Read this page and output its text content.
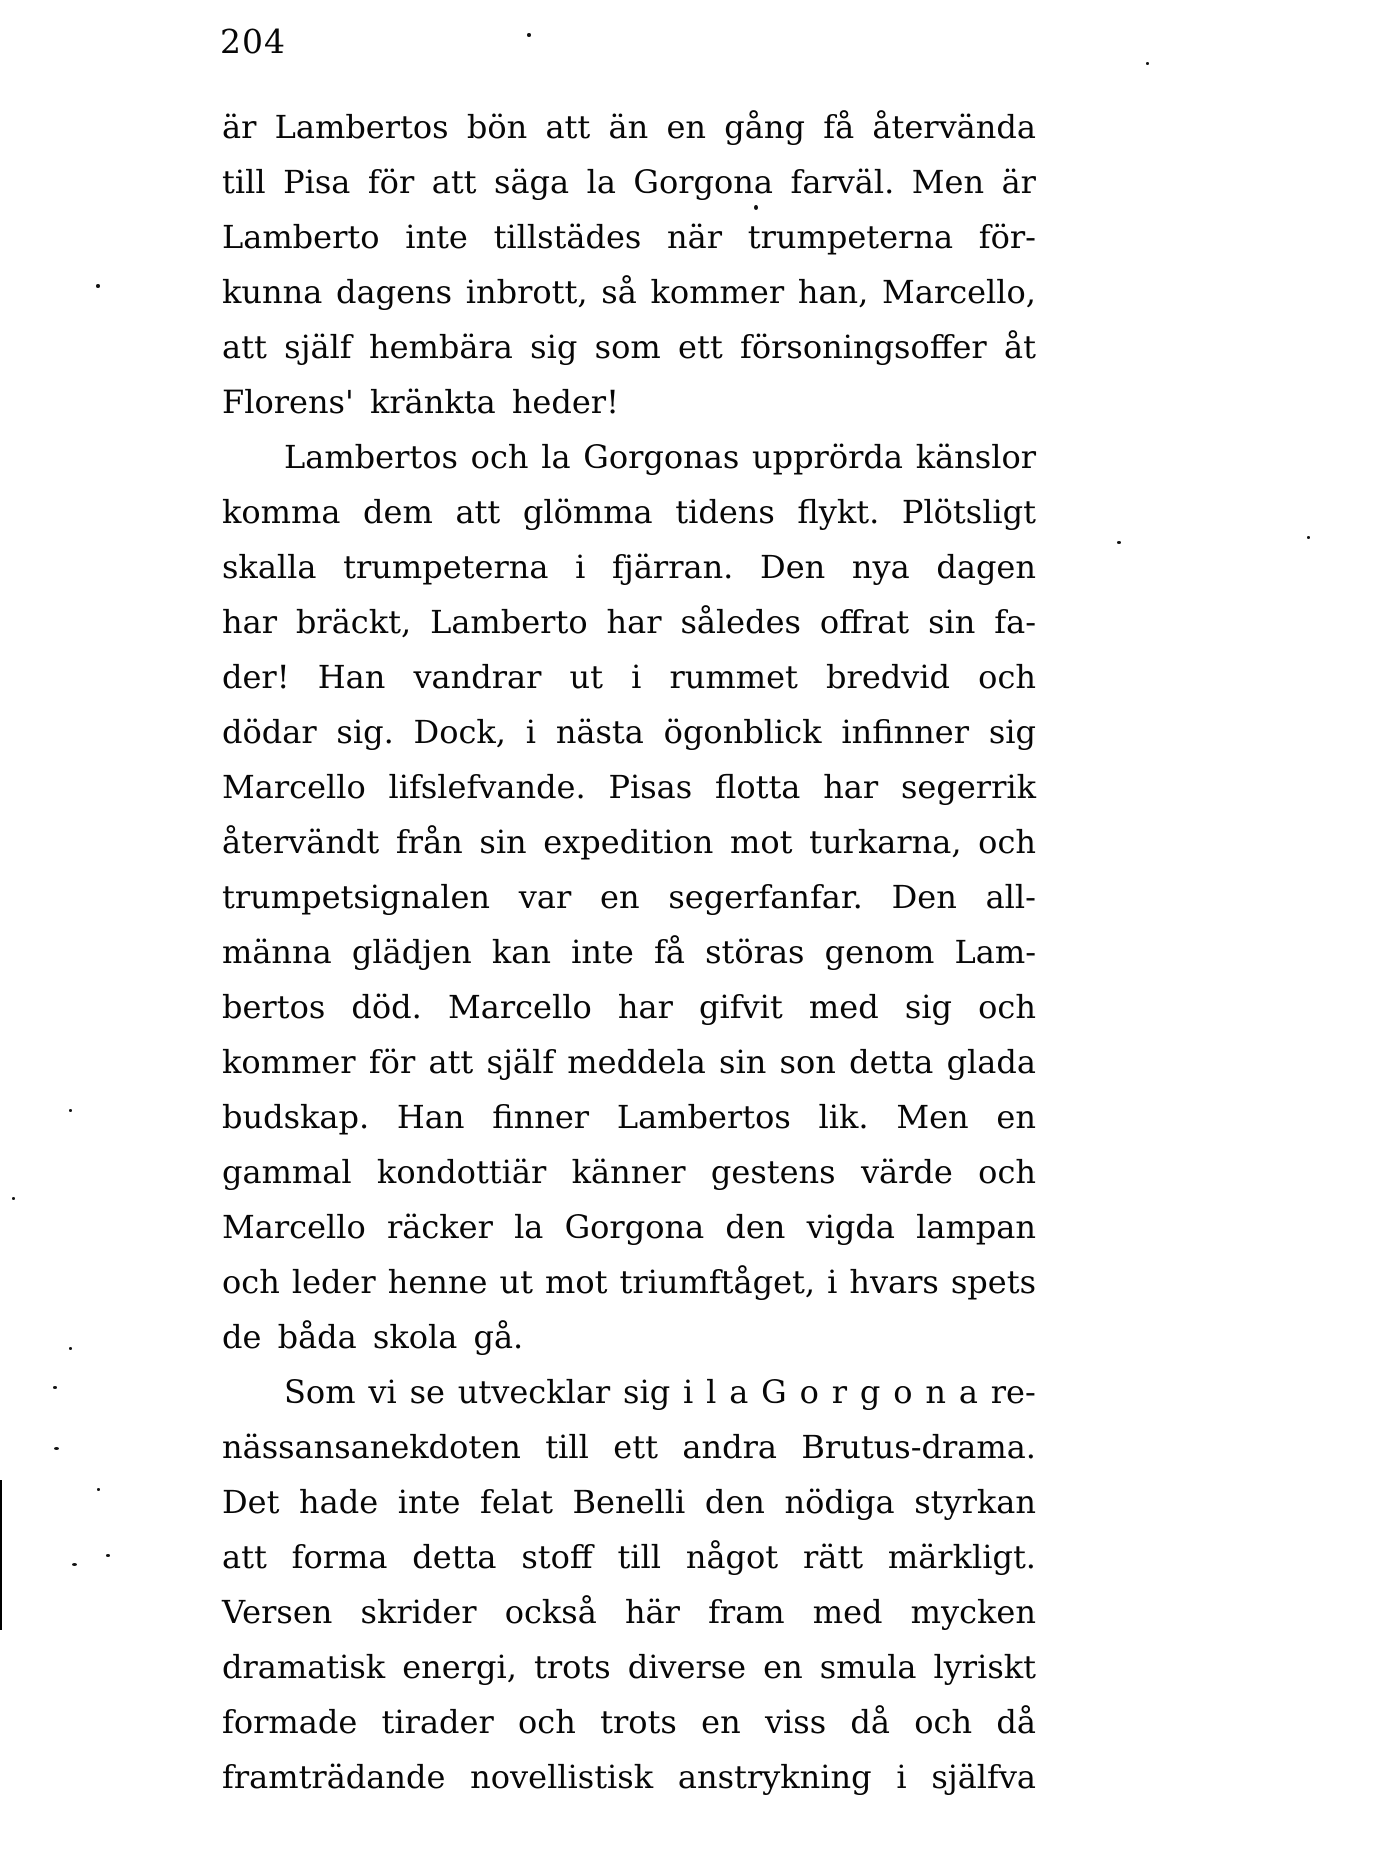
204
är Lambertos bön att än en gång få återvända
till Pisa för att säga la Gorgona farväl. Men är
Lamberto inte tillstädes när trumpeterna för-
kunna dagens inbrott, så kommer han, Marcello,
att själf hembära sig som ett försoningsoffer åt
Florens' kränkta heder!
Lambertos och la Gorgonas upprörda känslor
komma dem att glömma tidens flykt. Plötsligt
skalla trumpeterna i fjärran. Den nya dagen
har bräckt, Lamberto har således offrat sin fa-
der! Han vandrar ut i rummet bredvid och
dödar sig. Dock, i nästa ögonblick infinner sig
Marcello lifslefvande. Pisas flotta har segerrik
återvändt från sin expedition mot turkarna, och
trumpetsignalen var en segerfanfar. Den all-
männa glädjen kan inte få störas genom Lam-
bertos död. Marcello har gifvit med sig och
kommer för att själf meddela sin son detta glada
budskap. Han finner Lambertos lik. Men en
gammal kondottiär känner gestens värde och
Marcello räcker la Gorgona den vigda lampan
och leder henne ut mot triumftåget, i hvars spets
de båda skola gå.
Som vi se utvecklar sig i l a G o r g o n a re-
nässansanekdoten till ett andra Brutus-drama.
Det hade inte felat Benelli den nödiga styrkan
att forma detta stoff till något rätt märkligt.
Versen skrider också här fram med mycken
dramatisk energi, trots diverse en smula lyriskt
formade tirader och trots en viss då och då
framträdande novellistisk anstrykning i själfva
